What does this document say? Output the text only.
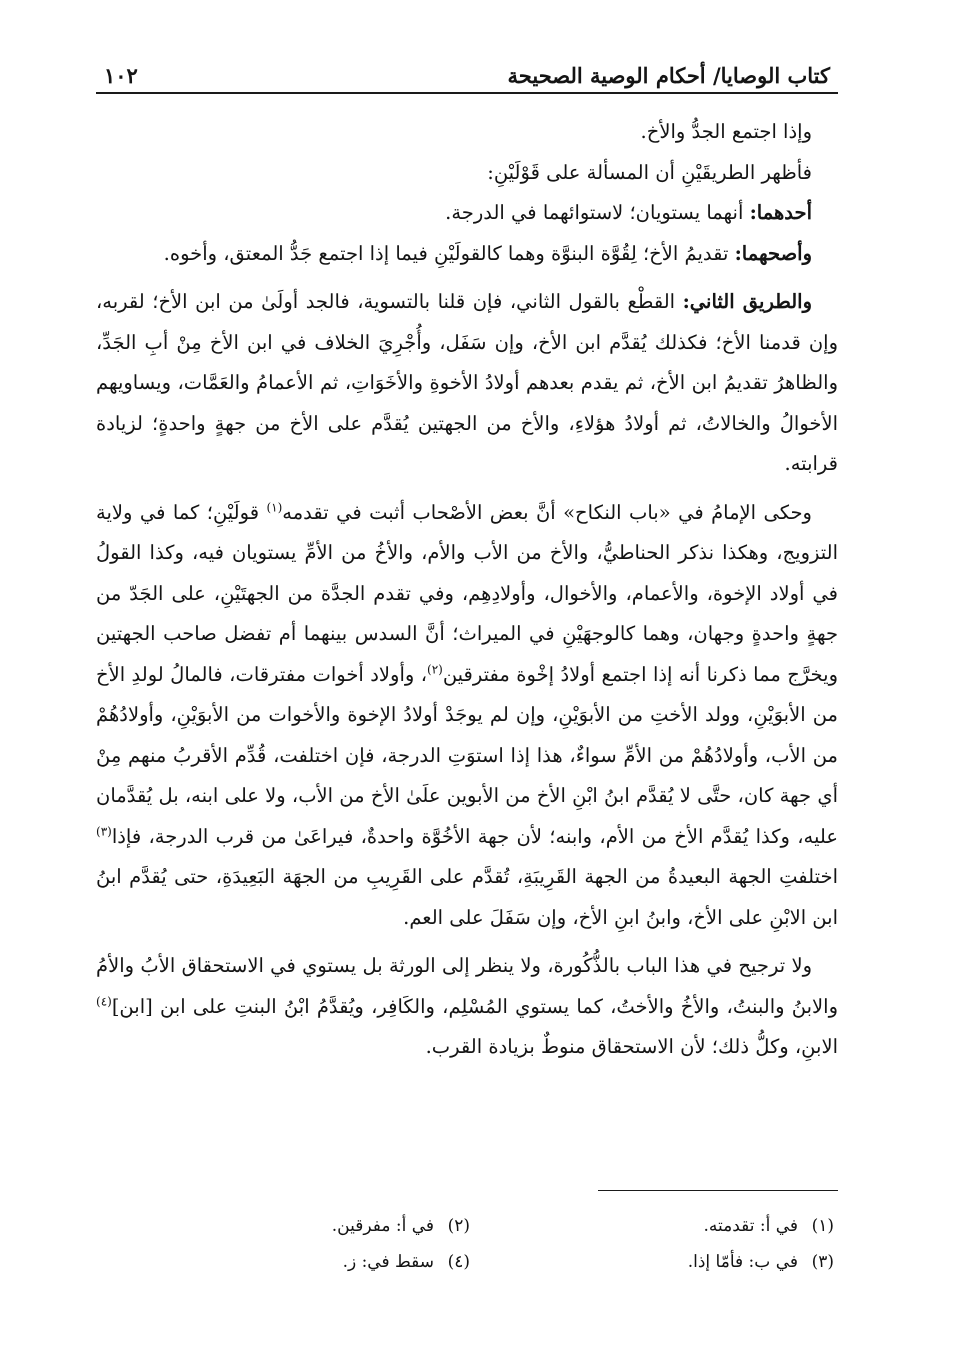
كتاب الوصايا/ أحكام الوصية الصحيحة
١٠٢

وإذا اجتمع الجدُّ والأخ.

فأظهر الطريقَيْنِ أن المسألة على قَوْلَيْنِ:

أحدهما: أنهما يستويان؛ لاستوائهما في الدرجة.

وأصحهما: تقديمُ الأخ؛ لِقُوَّة البنوَّة وهما كالقولَيْنِ فيما إذا اجتمع جَدُّ المعتق، وأخوه.

والطريق الثاني: القطْع بالقول الثاني، فإن قلنا بالتسوية، فالجد أولَىٰ من ابن الأخ؛ لقربه، وإن قدمنا الأخ؛ فكذلك يُقدَّم ابن الأخ، وإن سَفَل، وأُجْرِيَ الخلاف في ابن الأخ مِنْ أبِ الجَدِّ، والظاهرُ تقديمُ ابن الأخ، ثم يقدم بعدهم أولادُ الأخوةِ والأخَوَاتِ، ثم الأعمامُ والعَمَّات، ويساويهم الأخوالُ والخالاتُ، ثم أولادُ هؤلاءِ، والأخ من الجهتين يُقدَّم على الأخ من جهةٍ واحدةٍ؛ لزيادة قرابته.

وحكى الإمامُ في «باب النكاح» أنَّ بعض الأصْحاب أثبت في تقدمه$^{(١)}$ قولَيْنِ؛ كما في ولاية التزويج، وهكذا نذكر الحناطيُّ، والأخ من الأب والأم، والأخُ من الأمِّ يستويان فيه، وكذا القولُ في أولاد الإخوة، والأعمام، والأخوال، وأولادِهِم، وفي تقدم الجدَّة من الجهتَيْنِ، على الجَدّ من جهةٍ واحدةٍ وجهان، وهما كالوجهَيْنِ في الميراث؛ أنَّ السدس بينهما أم تفضل صاحب الجهتين ويخرَّج مما ذكرنا أنه إذا اجتمع أولادُ إخْوة مفترقين$^{(٢)}$، وأولاد أخوات مفترقات، فالمالُ لولدِ الأخ من الأبوَيْنِ، وولد الأختِ من الأبوَيْنِ، وإن لم يوجَدْ أولادُ الإخوة والأخوات من الأبوَيْنِ، وأولادُهُمْ من الأب، وأولادُهُمْ من الأمِّ سواءٌ، هذا إذا استوَتِ الدرجة، فإن اختلفت، قُدِّم الأقربُ منهم مِنْ أي جهة كان، حتَّى لا يُقدَّم ابنُ ابْنِ الأخ من الأبوين علَىٰ الأخ من الأب، ولا على ابنه، بل يُقدَّمان عليه، وكذا يُقدَّم الأخ من الأم، وابنه؛ لأن جهة الأخُوَّة واحدةٌ، فيراعَىٰ من قرب الدرجة، فإذا$^{(٣)}$ اختلفتِ الجهة البعيدةُ من الجهة القَرِيبَةِ، تُقدَّم على القَرِيبِ من الجهَة البَعِيدَةِ، حتى يُقدَّم ابنُ ابن الابْنِ على الأخ، وابنُ ابنِ الأخ، وإن سَفَلَ على العم.

ولا ترجيح في هذا الباب بالذُّكُورة، ولا ينظر إلى الورثة بل يستوي في الاستحقاق الأبُ والأمُ والابنُ والبنتُ، والأخُ والأختُ، كما يستوي المُسْلِم، والكَافِر، ويُقدَّمُ ابْنُ البنتِ على ابن [ابن]$^{(٤)}$ الابنِ، وكلُّ ذلك؛ لأن الاستحقاق منوطٌ بزيادة القرب.

(١)في أ: تقدمته.
(٢)في أ: مفرقين.
(٣)في ب: فأمّا إذا.
(٤)سقط في: ز.
